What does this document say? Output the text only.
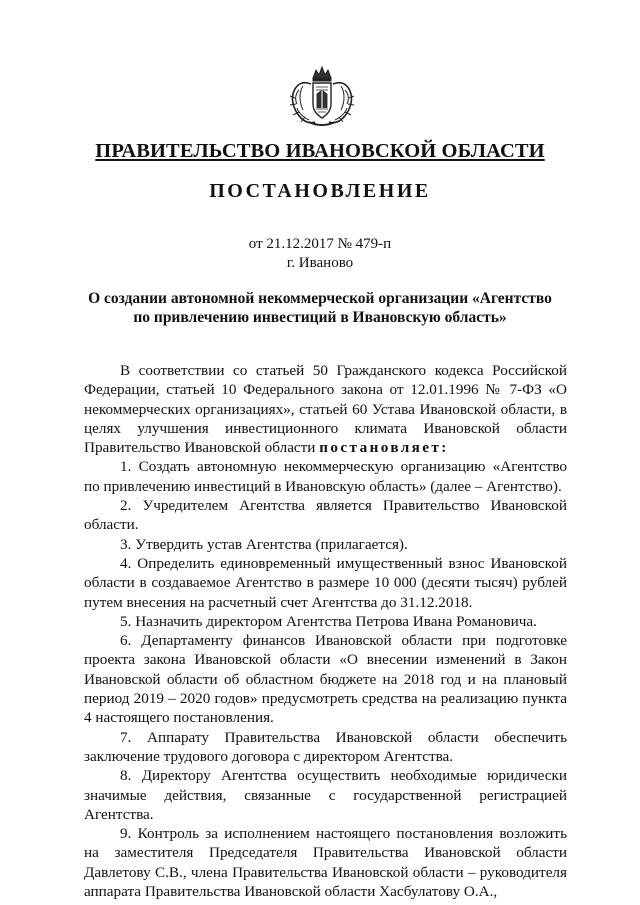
ПРАВИТЕЛЬСТВО ИВАНОВСКОЙ ОБЛАСТИ
ПОСТАНОВЛЕНИЕ
от 21.12.2017 № 479-п
г. Иваново
О создании автономной некоммерческой организации «Агентство
по привлечению инвестиций в Ивановскую область»

В соответствии со статьей 50 Гражданского кодекса Российской Федерации, статьей 10 Федерального закона от 12.01.1996 № 7-ФЗ «О некоммерческих организациях», статьей 60 Устава Ивановской области, в целях улучшения инвестиционного климата Ивановской области Правительство Ивановской области постановляет:

1. Создать автономную некоммерческую организацию «Агентство по привлечению инвестиций в Ивановскую область» (далее – Агентство).

2. Учредителем Агентства является Правительство Ивановской области.

3. Утвердить устав Агентства (прилагается).

4. Определить единовременный имущественный взнос Ивановской области в создаваемое Агентство в размере 10 000 (десяти тысяч) рублей путем внесения на расчетный счет Агентства до 31.12.2018.

5. Назначить директором Агентства Петрова Ивана Романовича.

6. Департаменту финансов Ивановской области при подготовке проекта закона Ивановской области «О внесении изменений в Закон Ивановской области об областном бюджете на 2018 год и на плановый период 2019 – 2020 годов» предусмотреть средства на реализацию пункта 4 настоящего постановления.

7. Аппарату Правительства Ивановской области обеспечить заключение трудового договора с директором Агентства.

8. Директору Агентства осуществить необходимые юридически значимые действия, связанные с государственной регистрацией Агентства.

9. Контроль за исполнением настоящего постановления возложить на заместителя Председателя Правительства Ивановской области Давлетову С.В., члена Правительства Ивановской области – руководителя аппарата Правительства Ивановской области Хасбулатову О.А.,
